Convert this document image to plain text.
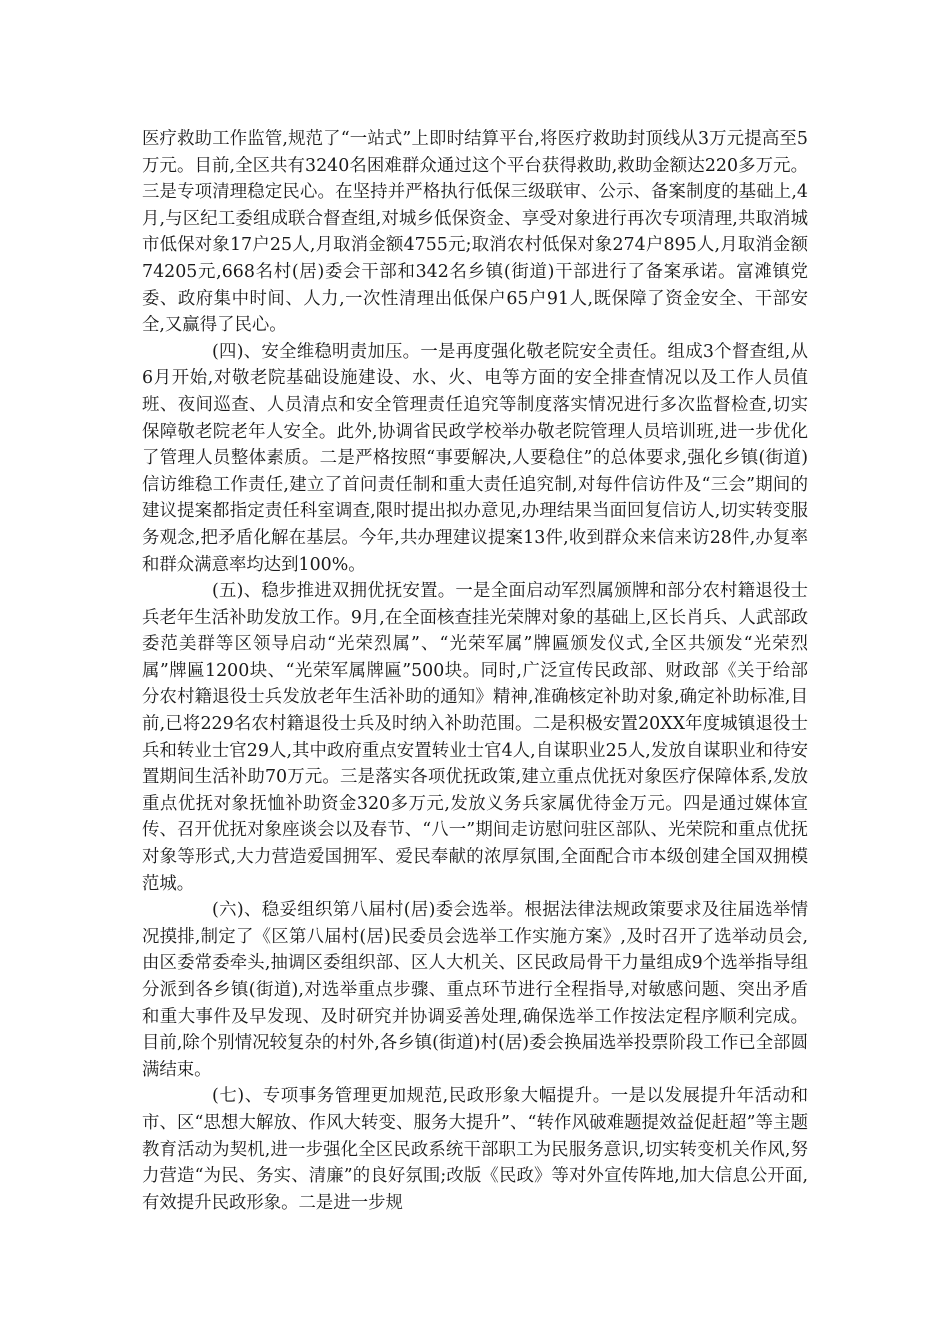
医疗救助工作监管,规范了“一站式”上即时结算平台,将医疗救助封顶线从3万元提高至5万元。目前,全区共有3240名困难群众通过这个平台获得救助,救助金额达220多万元。三是专项清理稳定民心。在坚持并严格执行低保三级联审、公示、备案制度的基础上,4月,与区纪工委组成联合督查组,对城乡低保资金、享受对象进行再次专项清理,共取消城市低保对象17户25人,月取消金额4755元;取消农村低保对象274户895人,月取消金额74205元,668名村(居)委会干部和342名乡镇(街道)干部进行了备案承诺。富滩镇党委、政府集中时间、人力,一次性清理出低保户65户91人,既保障了资金安全、干部安全,又赢得了民心。

(四)、安全维稳明责加压。一是再度强化敬老院安全责任。组成3个督查组,从6月开始,对敬老院基础设施建设、水、火、电等方面的安全排查情况以及工作人员值班、夜间巡查、人员清点和安全管理责任追究等制度落实情况进行多次监督检查,切实保障敬老院老年人安全。此外,协调省民政学校举办敬老院管理人员培训班,进一步优化了管理人员整体素质。二是严格按照“事要解决,人要稳住”的总体要求,强化乡镇(街道)信访维稳工作责任,建立了首问责任制和重大责任追究制,对每件信访件及“三会”期间的建议提案都指定责任科室调查,限时提出拟办意见,办理结果当面回复信访人,切实转变服务观念,把矛盾化解在基层。今年,共办理建议提案13件,收到群众来信来访28件,办复率和群众满意率均达到100%。

(五)、稳步推进双拥优抚安置。一是全面启动军烈属颁牌和部分农村籍退役士兵老年生活补助发放工作。9月,在全面核查挂光荣牌对象的基础上,区长肖兵、人武部政委范美群等区领导启动“光荣烈属”、“光荣军属”牌匾颁发仪式,全区共颁发“光荣烈属”牌匾1200块、“光荣军属牌匾”500块。同时,广泛宣传民政部、财政部《关于给部分农村籍退役士兵发放老年生活补助的通知》精神,准确核定补助对象,确定补助标准,目前,已将229名农村籍退役士兵及时纳入补助范围。二是积极安置20XX年度城镇退役士兵和转业士官29人,其中政府重点安置转业士官4人,自谋职业25人,发放自谋职业和待安置期间生活补助70万元。三是落实各项优抚政策,建立重点优抚对象医疗保障体系,发放重点优抚对象抚恤补助资金320多万元,发放义务兵家属优待金万元。四是通过媒体宣传、召开优抚对象座谈会以及春节、“八一”期间走访慰问驻区部队、光荣院和重点优抚对象等形式,大力营造爱国拥军、爱民奉献的浓厚氛围,全面配合市本级创建全国双拥模范城。

(六)、稳妥组织第八届村(居)委会选举。根据法律法规政策要求及往届选举情况摸排,制定了《区第八届村(居)民委员会选举工作实施方案》,及时召开了选举动员会,由区委常委牵头,抽调区委组织部、区人大机关、区民政局骨干力量组成9个选举指导组分派到各乡镇(街道),对选举重点步骤、重点环节进行全程指导,对敏感问题、突出矛盾和重大事件及早发现、及时研究并协调妥善处理,确保选举工作按法定程序顺利完成。目前,除个别情况较复杂的村外,各乡镇(街道)村(居)委会换届选举投票阶段工作已全部圆满结束。

(七)、专项事务管理更加规范,民政形象大幅提升。一是以发展提升年活动和市、区“思想大解放、作风大转变、服务大提升”、“转作风破难题提效益促赶超”等主题教育活动为契机,进一步强化全区民政系统干部职工为民服务意识,切实转变机关作风,努力营造“为民、务实、清廉”的良好氛围;改版《民政》等对外宣传阵地,加大信息公开面,有效提升民政形象。二是进一步规
